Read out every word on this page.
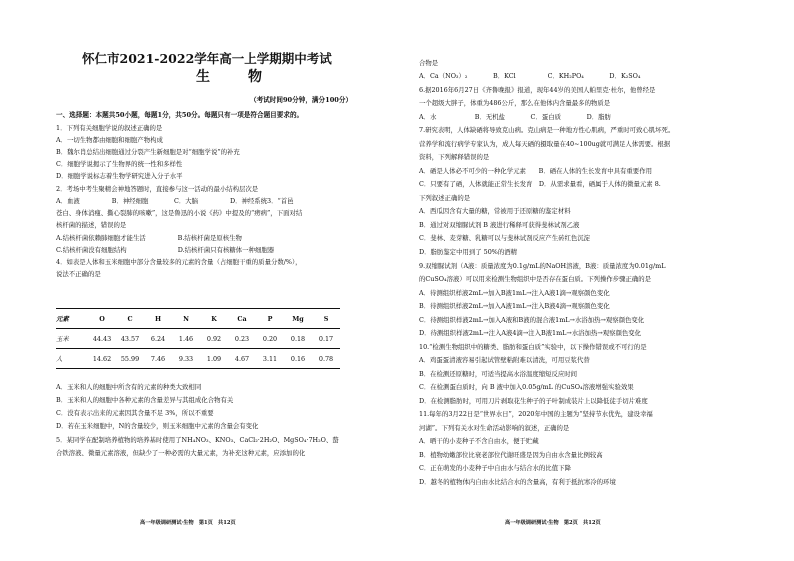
怀仁市2021-2022学年高一上学期期中考试
生物
（考试时间90分钟，满分100分）
一、选择题：本题共50小题，每题1分，共50分。每题只有一项是符合题目要求的。
1．下列有关细胞学说的叙述正确的是
A．一切生物都由细胞和细胞产物构成
B．魏尔肖总结出细胞通过分裂产生新细胞是对“细胞学说”的补充
C．细胞学说揭示了生物界的统一性和多样性
D．细胞学说标志着生物学研究进入分子水平
2．考场中考生聚精会神地答题时，直接参与这一活动的最小结构层次是
A．血液　　　　　B．神经细胞　　　　C．大脑　　　　　D．神经系统3．“首邑
苍白、身体消瘦、撕心裂肺的咳嗽”，这是鲁迅的小说《药》中提及的“痨病”，下面对结
核杆菌的描述，错误的是
A.结核杆菌依赖肺细胞才能生活　　　　　B.结核杆菌是原核生物
C.结核杆菌没有细胞结构　　　　　　　　D.结核杆菌只有核糖体一种细胞器
4．如表是人体和玉米细胞中部分含量较多的元素的含量（占细胞干重的质量分数/%），
说法不正确的是
元素	O	C	H	N	K	Ca	P	Mg	S
玉米	44.43	43.57	6.24	1.46	0.92	0.23	0.20	0.18	0.17
人	14.62	55.99	7.46	9.33	1.09	4.67	3.11	0.16	0.78
A．玉米和人的细胞中所含有的元素的种类大致相同
B．玉米和人的细胞中各种元素的含量差异与其组成化合物有关
C．没有表示出来的元素因其含量不足 3%，所以不重要
D．若在玉米细胞中，N的含量较少，则玉米细胞中元素的含量会有变化
5．某同学在配制培养植物的培养基时使用了NH₄NO₃、KNO₃、CaCl₂·2H₂O、MgSO₄·7H₂O、螯
合铁溶液、微量元素溶液，但缺少了一种必需的大量元素，为补充这种元素，应添加的化
高一年级调研测试·生物　第1页　共12页
合物是
A．Ca（NO₃）₂　　　　B．KCl　　　　　C．KH₂PO₄　　　　D．K₂SO₄
6.据2016年6月27日《齐鲁晚报》报道，现年44岁的美国人帕里克·杜尔，他曾经是
一个超级大胖子，体重为486公斤，那么在他体内含量最多的物质是
A．水　　　　　　B．无机盐　　　　C．蛋白质　　　　D．脂肪
7.研究表明，人体缺硒将导致克山病。克山病是一种地方性心肌病，严重时可致心肌坏死。
营养学和流行病学专家认为，成人每天硒的摄取量在40~100ug就可满足人体需要。根据
资料，下列解释错误的是
A．硒是人体必不可少的一种化学元素　　B．硒在人体的生长发育中具有重要作用
C．只要有了硒，人体就能正常生长发育　D．从需求量看，硒属于人体的微量元素 8.
下列叙述正确的是
A．西瓜因含有大量的糖，常被用于还原糖的鉴定材料
B．通过对双缩脲试剂 B 液进行稀释可获得斐林试剂乙液
C．斐林、麦芽糖、乳糖可以与斐林试剂反应产生砖红色沉淀
D．脂肪鉴定中用到了 50%的酒精
9.双缩脲试剂（A液：质量浓度为0.1g/mL的NaOH溶液，B液：质量浓度为0.01g/mL
的CuSO₄溶液）可以用来检测生物组织中是否存在蛋白质。下列操作步骤正确的是
A．待测组织样液2mL→加入B液1mL→注入A液1滴→观察颜色变化
B．待测组织样液2mL→加入A液1mL→注入B液4滴→观察颜色变化
C．待测组织样液2mL→加入A液和B液的混合液1mL→水浴加热→观察颜色变化
D．待测组织样液2mL→注入A液4滴→注入B液1mL→水浴加热→观察颜色变化
10.“检测生物组织中的糖类、脂肪和蛋白质”实验中，以下操作错误或不可行的是
A．鸡蛋蛋清液容易引起试管壁粘附难以清洗，可用豆浆代替
B．在检测还原糖时，可适当提高水浴温度缩短反应时间
C．在检测蛋白质时，向 B 液中加入0.05g/mL 的CuSO₄溶液增强实验效果
D．在检测脂肪时，可用刀片剥取花生种子的子叶制成装片上以降低徒手切片难度
11.每年的3月22日是“世界水日”，2020年中国的主题为“坚持节水优先，建设幸福
河湖”。下列有关水对生命活动影响的叙述，正确的是
A．晒干的小麦种子不含自由水，便于贮藏
B．植物幼嫩部位比衰老部位代谢旺盛是因为自由水含量比例较高
C．正在萌发的小麦种子中自由水与结合水的比值下降
D．越冬的植物体内自由水比结合水的含量高，有利于抵抗寒冷的环境
高一年级调研测试·生物　第2页　共12页
